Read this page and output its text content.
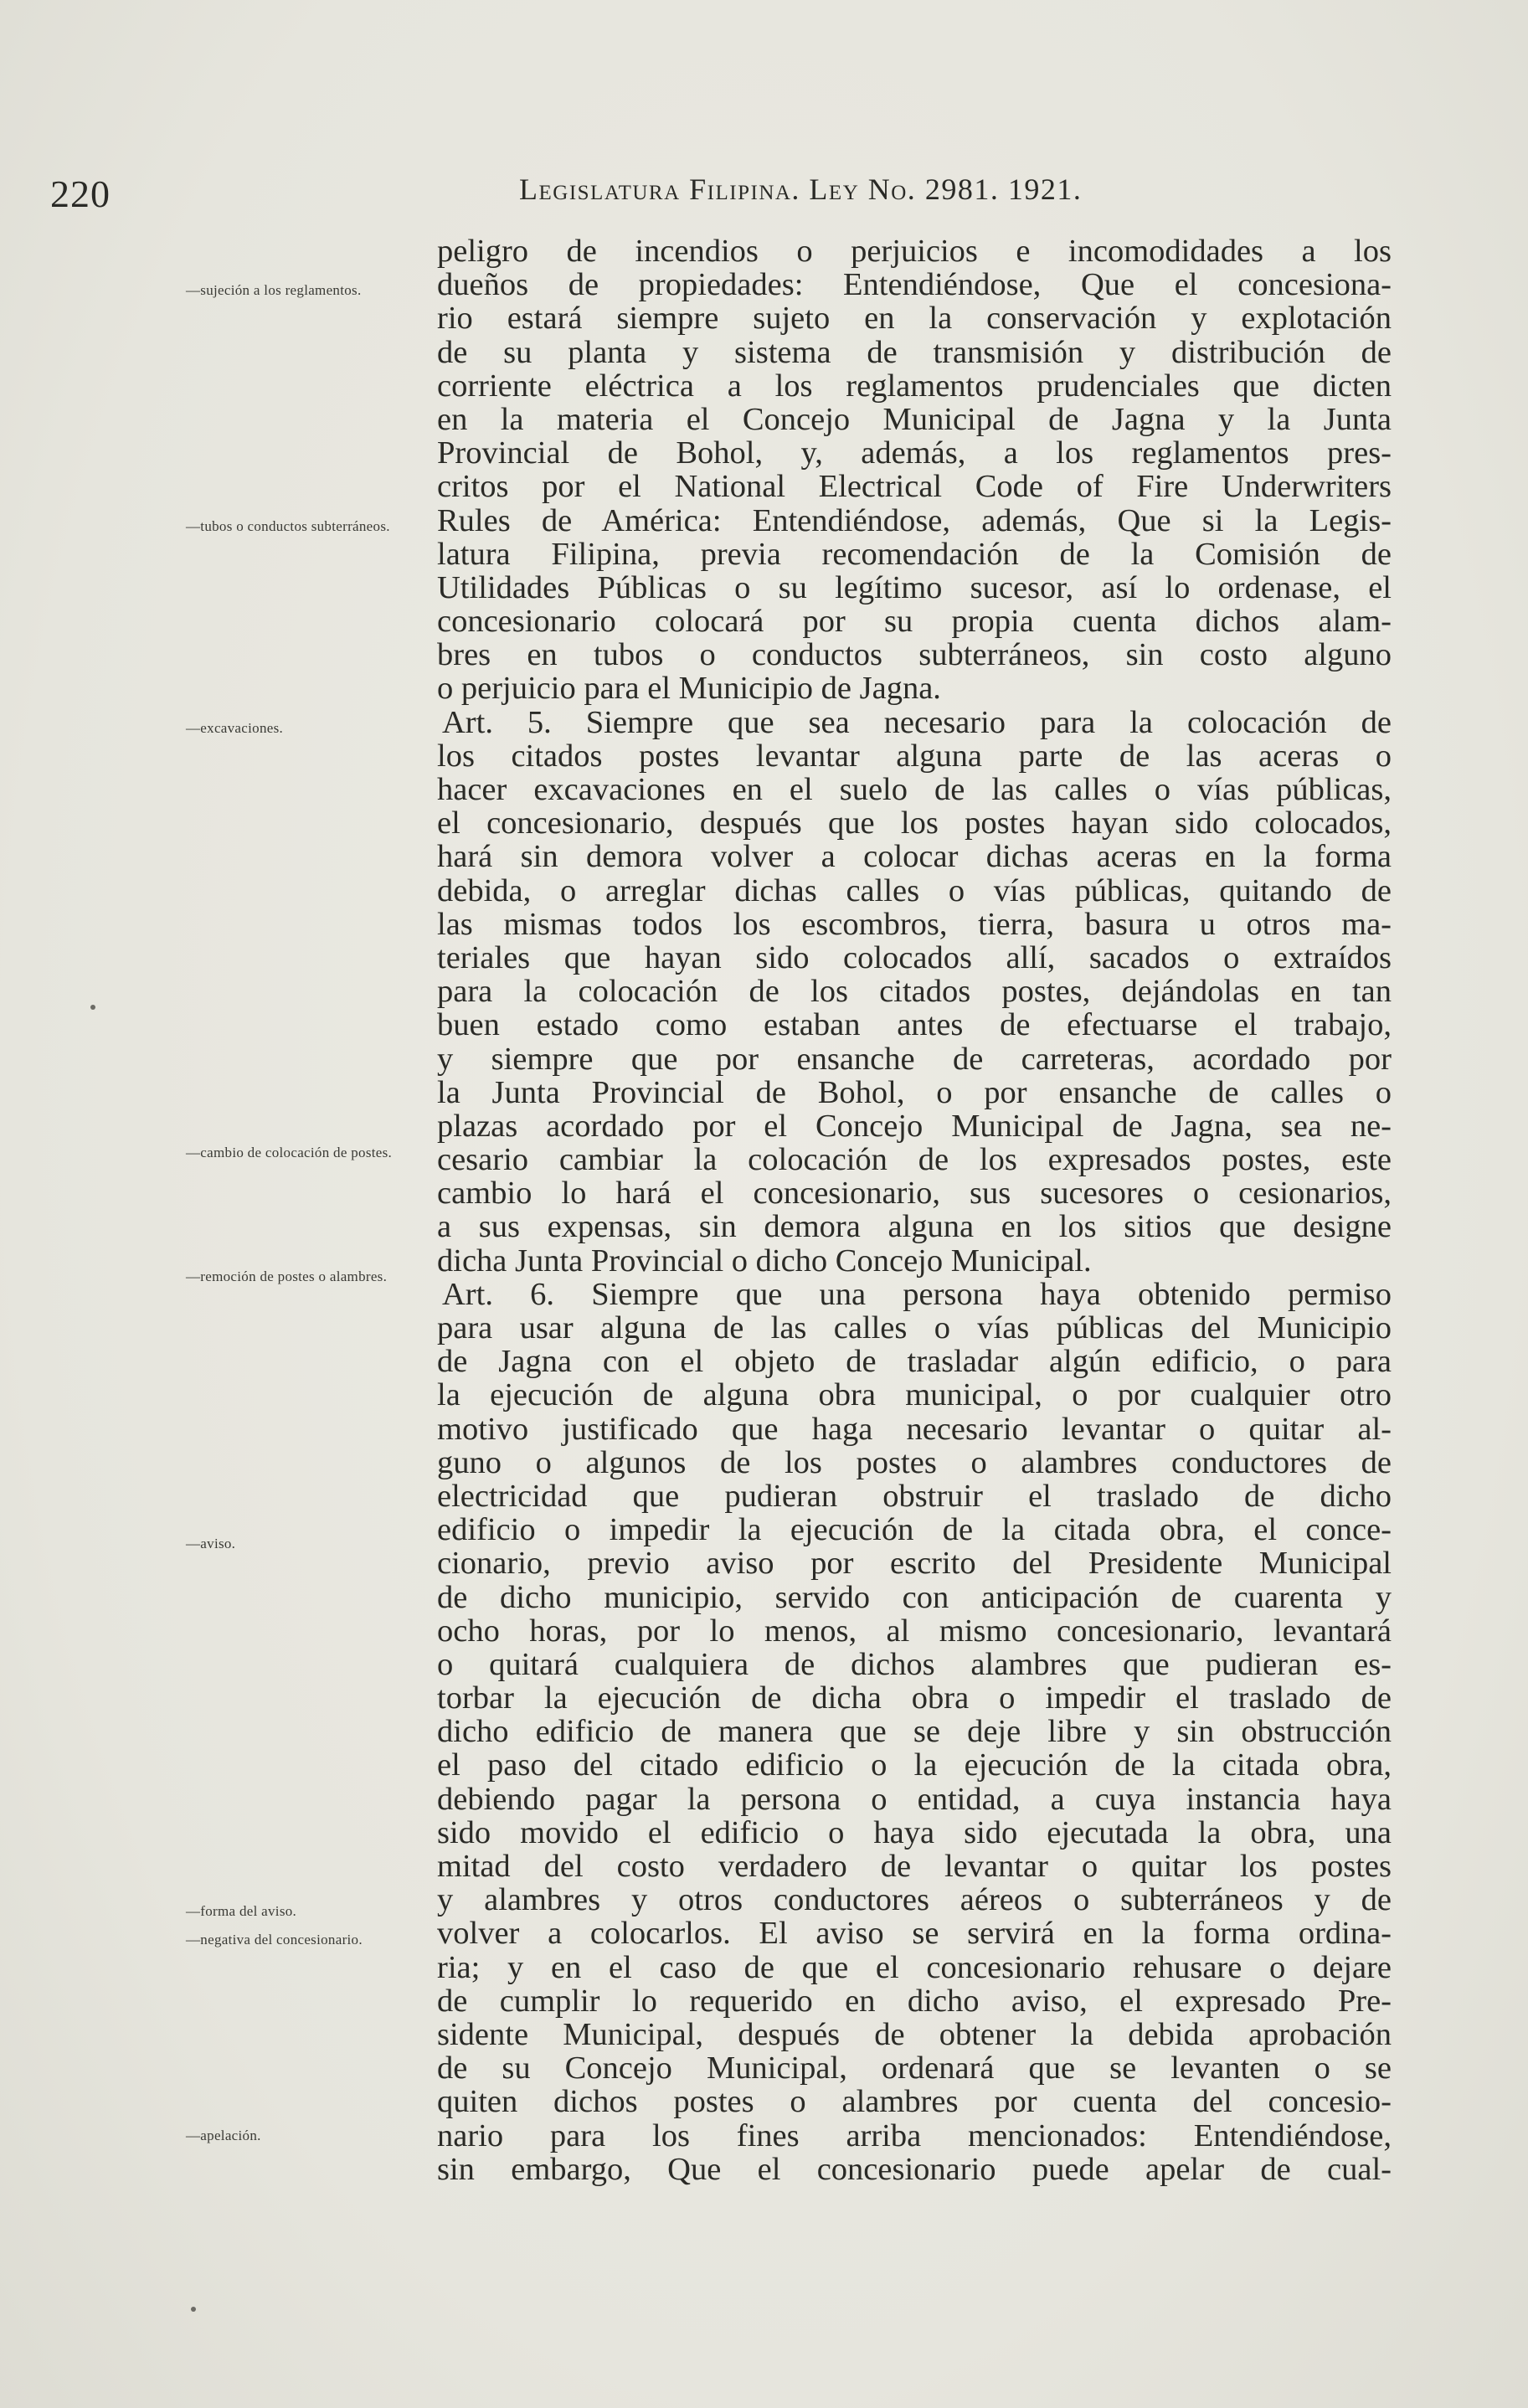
220	Legislatura Filipina. Ley No. 2981. 1921.
—sujeción a los reglamentos.
—tubos o conductos subterráneos.
—excavaciones.
—cambio de colocación de postes.
—remoción de postes o alambres.
—aviso.
—forma del aviso.
—negativa del concesionario.
—apelación.
peligro de incendios o perjuicios e incomodidades a los
dueños de propiedades: Entendiéndose, Que el concesiona-
rio estará siempre sujeto en la conservación y explotación
de su planta y sistema de transmisión y distribución de
corriente eléctrica a los reglamentos prudenciales que dicten
en la materia el Concejo Municipal de Jagna y la Junta
Provincial de Bohol, y, además, a los reglamentos pres-
critos por el National Electrical Code of Fire Underwriters
Rules de América: Entendiéndose, además, Que si la Legis-
latura Filipina, previa recomendación de la Comisión de
Utilidades Públicas o su legítimo sucesor, así lo ordenase, el
concesionario colocará por su propia cuenta dichos alam-
bres en tubos o conductos subterráneos, sin costo alguno
o perjuicio para el Municipio de Jagna.
Art. 5. Siempre que sea necesario para la colocación de
los citados postes levantar alguna parte de las aceras o
hacer excavaciones en el suelo de las calles o vías públicas,
el concesionario, después que los postes hayan sido colocados,
hará sin demora volver a colocar dichas aceras en la forma
debida, o arreglar dichas calles o vías públicas, quitando de
las mismas todos los escombros, tierra, basura u otros ma-
teriales que hayan sido colocados allí, sacados o extraídos
para la colocación de los citados postes, dejándolas en tan
buen estado como estaban antes de efectuarse el trabajo,
y siempre que por ensanche de carreteras, acordado por
la Junta Provincial de Bohol, o por ensanche de calles o
plazas acordado por el Concejo Municipal de Jagna, sea ne-
cesario cambiar la colocación de los expresados postes, este
cambio lo hará el concesionario, sus sucesores o cesionarios,
a sus expensas, sin demora alguna en los sitios que designe
dicha Junta Provincial o dicho Concejo Municipal.
Art. 6. Siempre que una persona haya obtenido permiso
para usar alguna de las calles o vías públicas del Municipio
de Jagna con el objeto de trasladar algún edificio, o para
la ejecución de alguna obra municipal, o por cualquier otro
motivo justificado que haga necesario levantar o quitar al-
guno o algunos de los postes o alambres conductores de
electricidad que pudieran obstruir el traslado de dicho
edificio o impedir la ejecución de la citada obra, el conce-
cionario, previo aviso por escrito del Presidente Municipal
de dicho municipio, servido con anticipación de cuarenta y
ocho horas, por lo menos, al mismo concesionario, levantará
o quitará cualquiera de dichos alambres que pudieran es-
torbar la ejecución de dicha obra o impedir el traslado de
dicho edificio de manera que se deje libre y sin obstrucción
el paso del citado edificio o la ejecución de la citada obra,
debiendo pagar la persona o entidad, a cuya instancia haya
sido movido el edificio o haya sido ejecutada la obra, una
mitad del costo verdadero de levantar o quitar los postes
y alambres y otros conductores aéreos o subterráneos y de
volver a colocarlos. El aviso se servirá en la forma ordina-
ria; y en el caso de que el concesionario rehusare o dejare
de cumplir lo requerido en dicho aviso, el expresado Pre-
sidente Municipal, después de obtener la debida aprobación
de su Concejo Municipal, ordenará que se levanten o se
quiten dichos postes o alambres por cuenta del concesio-
nario para los fines arriba mencionados: Entendiéndose,
sin embargo, Que el concesionario puede apelar de cual-
